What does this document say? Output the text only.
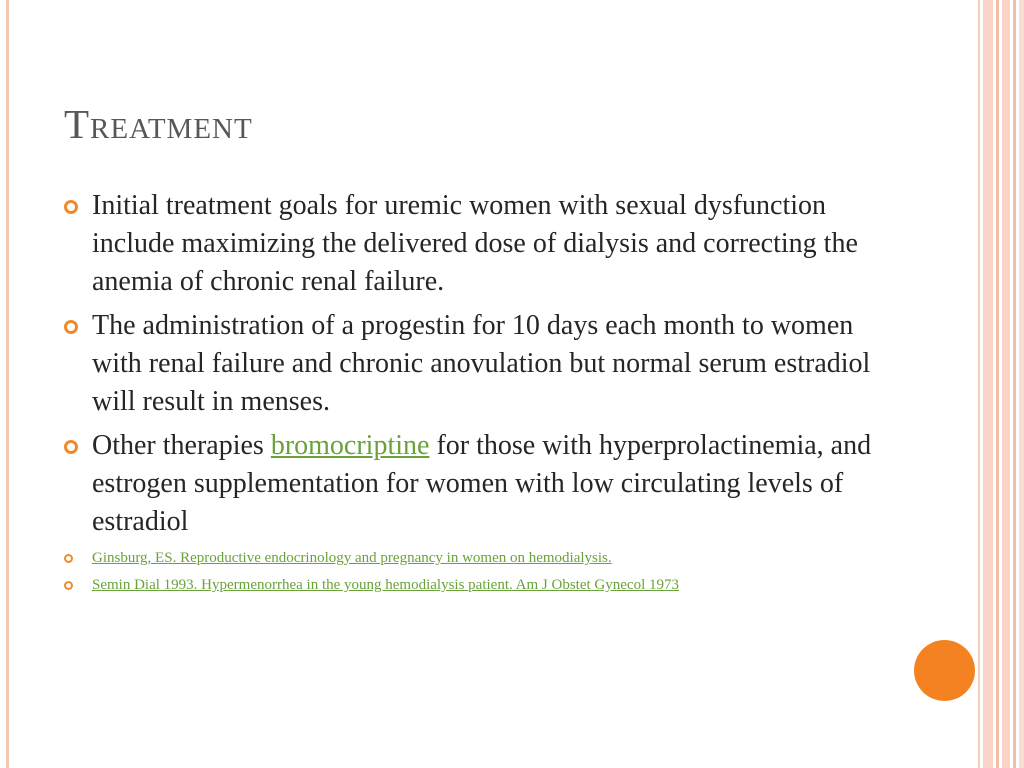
Treatment
Initial treatment goals for uremic women with sexual dysfunction include maximizing the delivered dose of dialysis and correcting the anemia of chronic renal failure.
The administration of a progestin for 10 days each month to women with renal failure and chronic anovulation but normal serum estradiol will result in menses.
Other therapies bromocriptine for those with hyperprolactinemia, and estrogen supplementation for women with low circulating levels of estradiol
Ginsburg, ES. Reproductive endocrinology and pregnancy in women on hemodialysis.
Semin Dial 1993. Hypermenorrhea in the young hemodialysis patient. Am J Obstet Gynecol 1973
